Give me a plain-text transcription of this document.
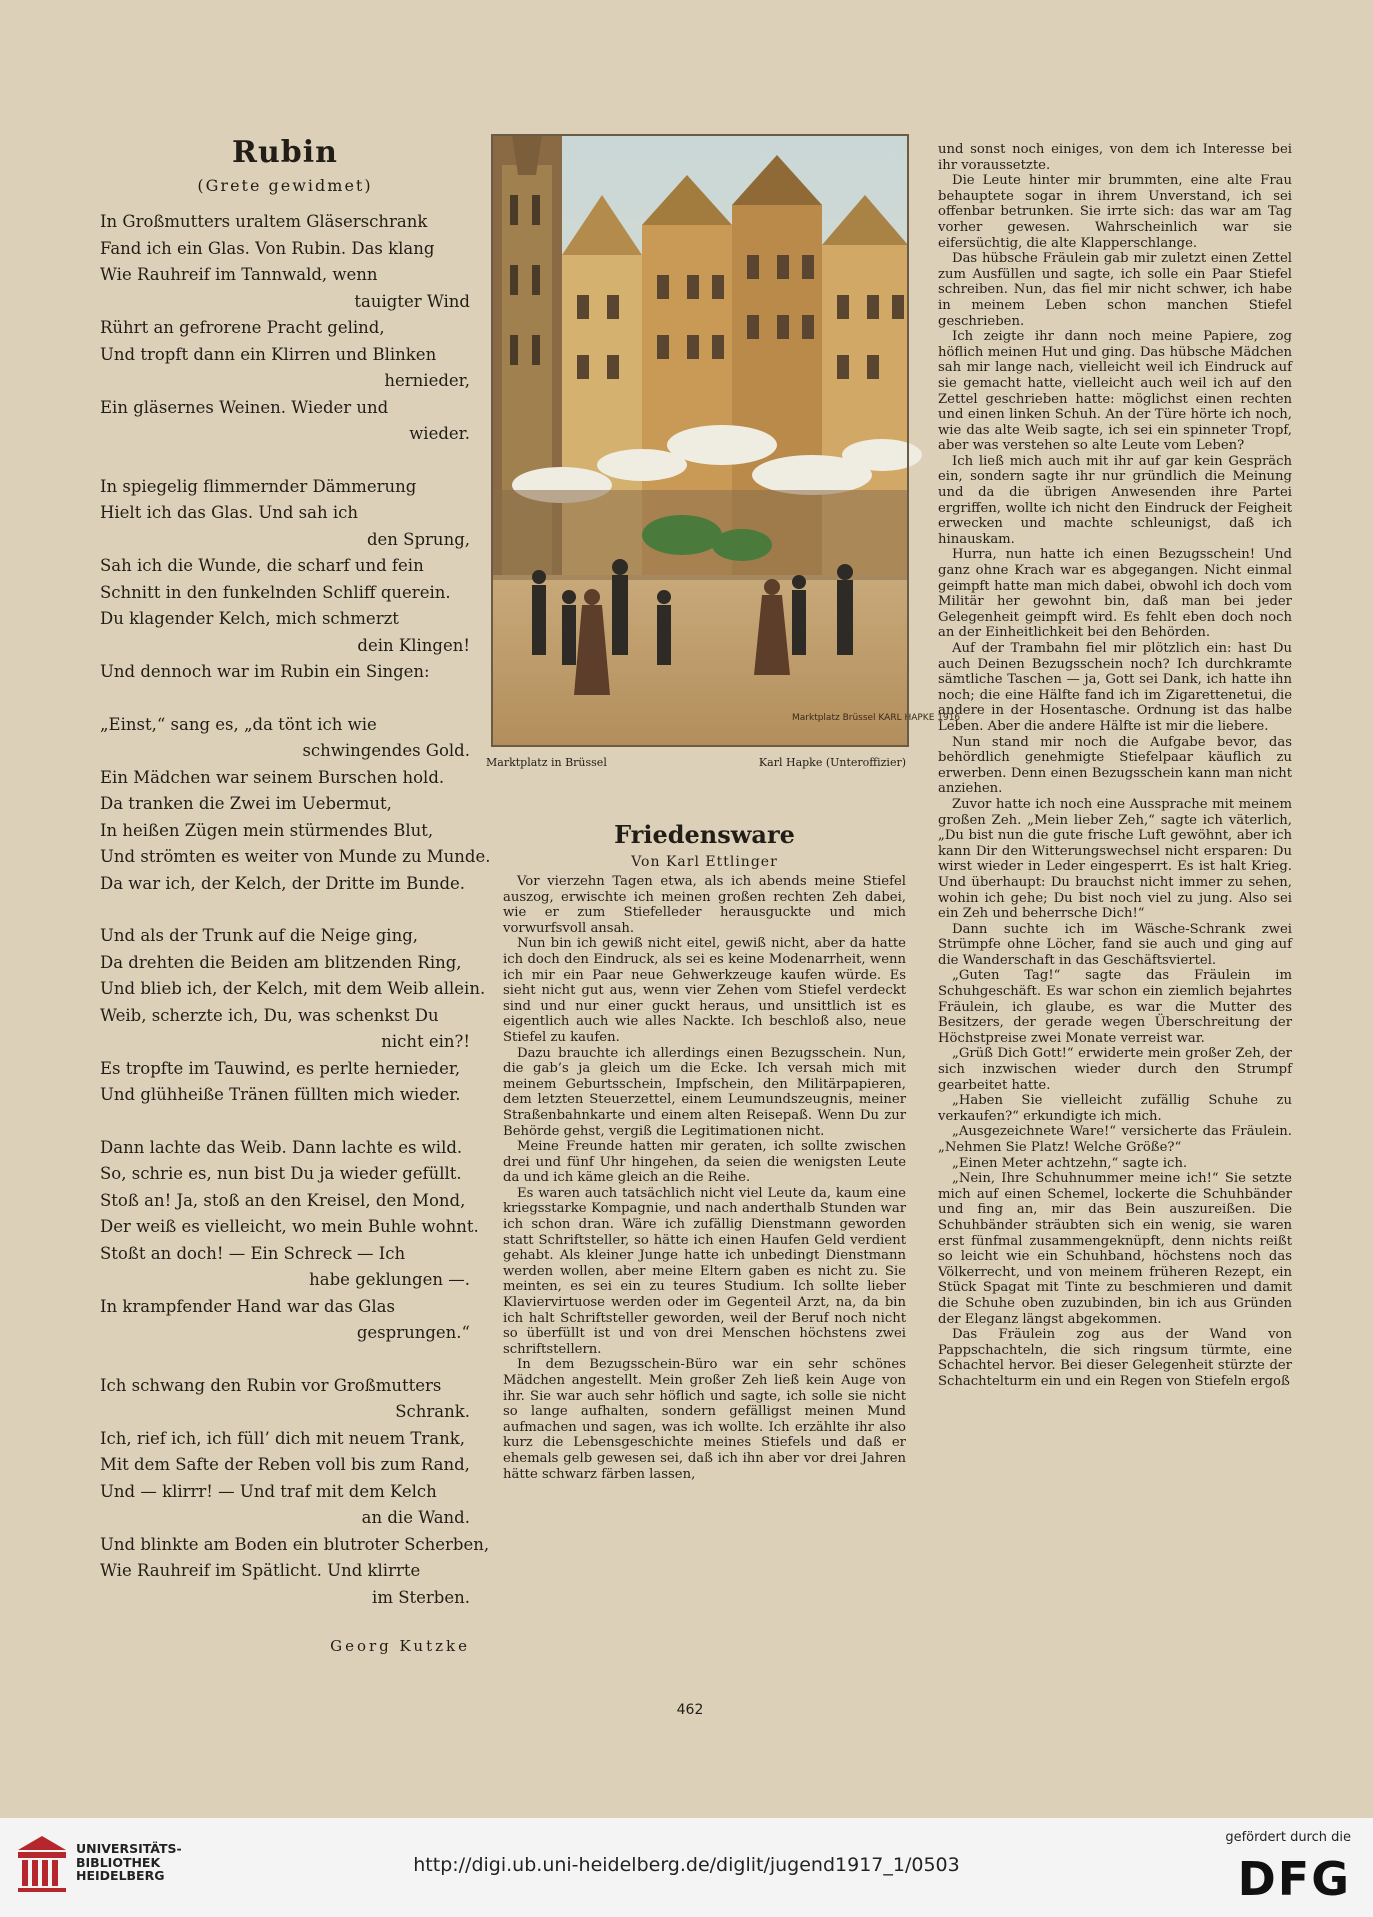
Rubin
(Grete gewidmet)
In Großmutters uraltem Gläserschrank
Fand ich ein Glas. Von Rubin. Das klang
Wie Rauhreif im Tannwald, wenn
tauigter Wind
Rührt an gefrorene Pracht gelind,
Und tropft dann ein Klirren und Blinken
hernieder,
Ein gläsernes Weinen. Wieder und
wieder.
In spiegelig flimmernder Dämmerung
Hielt ich das Glas. Und sah ich
den Sprung,
Sah ich die Wunde, die scharf und fein
Schnitt in den funkelnden Schliff querein.
Du klagender Kelch, mich schmerzt
dein Klingen!
Und dennoch war im Rubin ein Singen:
„Einst,“ sang es, „da tönt ich wie
schwingendes Gold.
Ein Mädchen war seinem Burschen hold.
Da tranken die Zwei im Uebermut,
In heißen Zügen mein stürmendes Blut,
Und strömten es weiter von Munde zu Munde.
Da war ich, der Kelch, der Dritte im Bunde.
Und als der Trunk auf die Neige ging,
Da drehten die Beiden am blitzenden Ring,
Und blieb ich, der Kelch, mit dem Weib allein.
Weib, scherzte ich, Du, was schenkst Du
nicht ein?!
Es tropfte im Tauwind, es perlte hernieder,
Und glühheiße Tränen füllten mich wieder.
Dann lachte das Weib. Dann lachte es wild.
So, schrie es, nun bist Du ja wieder gefüllt.
Stoß an! Ja, stoß an den Kreisel, den Mond,
Der weiß es vielleicht, wo mein Buhle wohnt.
Stoßt an doch! — Ein Schreck — Ich
habe geklungen —.
In krampfender Hand war das Glas
gesprungen.“
Ich schwang den Rubin vor Großmutters
Schrank.
Ich, rief ich, ich füll’ dich mit neuem Trank,
Mit dem Safte der Reben voll bis zum Rand,
Und — klirrr! — Und traf mit dem Kelch
an die Wand.
Und blinkte am Boden ein blutroter Scherben,
Wie Rauhreif im Spätlicht. Und klirrte
im Sterben.
Georg Kutzke
Marktplatz Brüssel KARL HAPKE 1916
Marktplatz in Brüssel	Karl Hapke (Unteroffizier)
Friedensware
Von Karl Ettlinger

Vor vierzehn Tagen etwa, als ich abends meine Stiefel auszog, erwischte ich meinen großen rechten Zeh dabei, wie er zum Stiefelleder herausguckte und mich vorwurfsvoll ansah.

Nun bin ich gewiß nicht eitel, gewiß nicht, aber da hatte ich doch den Eindruck, als sei es keine Modenarrheit, wenn ich mir ein Paar neue Gehwerkzeuge kaufen würde. Es sieht nicht gut aus, wenn vier Zehen vom Stiefel verdeckt sind und nur einer guckt heraus, und unsittlich ist es eigentlich auch wie alles Nackte. Ich beschloß also, neue Stiefel zu kaufen.

Dazu brauchte ich allerdings einen Bezugsschein. Nun, die gab’s ja gleich um die Ecke. Ich versah mich mit meinem Geburtsschein, Impfschein, den Militärpapieren, dem letzten Steuerzettel, einem Leumundszeugnis, meiner Straßenbahnkarte und einem alten Reisepaß. Wenn Du zur Behörde gehst, vergiß die Legitimationen nicht.

Meine Freunde hatten mir geraten, ich sollte zwischen drei und fünf Uhr hingehen, da seien die wenigsten Leute da und ich käme gleich an die Reihe.

Es waren auch tatsächlich nicht viel Leute da, kaum eine kriegsstarke Kompagnie, und nach anderthalb Stunden war ich schon dran. Wäre ich zufällig Dienstmann geworden statt Schriftsteller, so hätte ich einen Haufen Geld verdient gehabt. Als kleiner Junge hatte ich unbedingt Dienstmann werden wollen, aber meine Eltern gaben es nicht zu. Sie meinten, es sei ein zu teures Studium. Ich sollte lieber Klaviervirtuose werden oder im Gegenteil Arzt, na, da bin ich halt Schriftsteller geworden, weil der Beruf noch nicht so überfüllt ist und von drei Menschen höchstens zwei schriftstellern.

In dem Bezugsschein-Büro war ein sehr schönes Mädchen angestellt. Mein großer Zeh ließ kein Auge von ihr. Sie war auch sehr höflich und sagte, ich solle sie nicht so lange aufhalten, sondern gefälligst meinen Mund aufmachen und sagen, was ich wollte. Ich erzählte ihr also kurz die Lebensgeschichte meines Stiefels und daß er ehemals gelb gewesen sei, daß ich ihn aber vor drei Jahren hätte schwarz färben lassen,

und sonst noch einiges, von dem ich Interesse bei ihr voraussetzte.

Die Leute hinter mir brummten, eine alte Frau behauptete sogar in ihrem Unverstand, ich sei offenbar betrunken. Sie irrte sich: das war am Tag vorher gewesen. Wahrscheinlich war sie eifersüchtig, die alte Klapperschlange.

Das hübsche Fräulein gab mir zuletzt einen Zettel zum Ausfüllen und sagte, ich solle ein Paar Stiefel schreiben. Nun, das fiel mir nicht schwer, ich habe in meinem Leben schon manchen Stiefel geschrieben.

Ich zeigte ihr dann noch meine Papiere, zog höflich meinen Hut und ging. Das hübsche Mädchen sah mir lange nach, vielleicht weil ich Eindruck auf sie gemacht hatte, vielleicht auch weil ich auf den Zettel geschrieben hatte: möglichst einen rechten und einen linken Schuh. An der Türe hörte ich noch, wie das alte Weib sagte, ich sei ein spinneter Tropf, aber was verstehen so alte Leute vom Leben?

Ich ließ mich auch mit ihr auf gar kein Gespräch ein, sondern sagte ihr nur gründlich die Meinung und da die übrigen Anwesenden ihre Partei ergriffen, wollte ich nicht den Eindruck der Feigheit erwecken und machte schleunigst, daß ich hinauskam.

Hurra, nun hatte ich einen Bezugsschein! Und ganz ohne Krach war es abgegangen. Nicht einmal geimpft hatte man mich dabei, obwohl ich doch vom Militär her gewohnt bin, daß man bei jeder Gelegenheit geimpft wird. Es fehlt eben doch noch an der Einheitlichkeit bei den Behörden.

Auf der Trambahn fiel mir plötzlich ein: hast Du auch Deinen Bezugsschein noch? Ich durchkramte sämtliche Taschen — ja, Gott sei Dank, ich hatte ihn noch; die eine Hälfte fand ich im Zigarettenetui, die andere in der Hosentasche. Ordnung ist das halbe Leben. Aber die andere Hälfte ist mir die liebere.

Nun stand mir noch die Aufgabe bevor, das behördlich genehmigte Stiefelpaar käuflich zu erwerben. Denn einen Bezugsschein kann man nicht anziehen.

Zuvor hatte ich noch eine Aussprache mit meinem großen Zeh. „Mein lieber Zeh,“ sagte ich väterlich, „Du bist nun die gute frische Luft gewöhnt, aber ich kann Dir den Witterungswechsel nicht ersparen: Du wirst wieder in Leder eingesperrt. Es ist halt Krieg. Und überhaupt: Du brauchst nicht immer zu sehen, wohin ich gehe; Du bist noch viel zu jung. Also sei ein Zeh und beherrsche Dich!“

Dann suchte ich im Wäsche-Schrank zwei Strümpfe ohne Löcher, fand sie auch und ging auf die Wanderschaft in das Geschäftsviertel.

„Guten Tag!“ sagte das Fräulein im Schuhgeschäft. Es war schon ein ziemlich bejahrtes Fräulein, ich glaube, es war die Mutter des Besitzers, der gerade wegen Überschreitung der Höchstpreise zwei Monate verreist war.

„Grüß Dich Gott!“ erwiderte mein großer Zeh, der sich inzwischen wieder durch den Strumpf gearbeitet hatte.

„Haben Sie vielleicht zufällig Schuhe zu verkaufen?“ erkundigte ich mich.

„Ausgezeichnete Ware!“ versicherte das Fräulein. „Nehmen Sie Platz! Welche Größe?“

„Einen Meter achtzehn,“ sagte ich.

„Nein, Ihre Schuhnummer meine ich!“ Sie setzte mich auf einen Schemel, lockerte die Schuhbänder und fing an, mir das Bein auszureißen. Die Schuhbänder sträubten sich ein wenig, sie waren erst fünfmal zusammengeknüpft, denn nichts reißt so leicht wie ein Schuhband, höchstens noch das Völkerrecht, und von meinem früheren Rezept, ein Stück Spagat mit Tinte zu beschmieren und damit die Schuhe oben zuzubinden, bin ich aus Gründen der Eleganz längst abgekommen.

Das Fräulein zog aus der Wand von Pappschachteln, die sich ringsum türmte, eine Schachtel hervor. Bei dieser Gelegenheit stürzte der Schachtelturm ein und ein Regen von Stiefeln ergoß

462
UNIVERSITÄTS-
BIBLIOTHEK
HEIDELBERG	http://digi.ub.uni-heidelberg.de/diglit/jugend1917_1/0503
gefördert durch die
DFG
